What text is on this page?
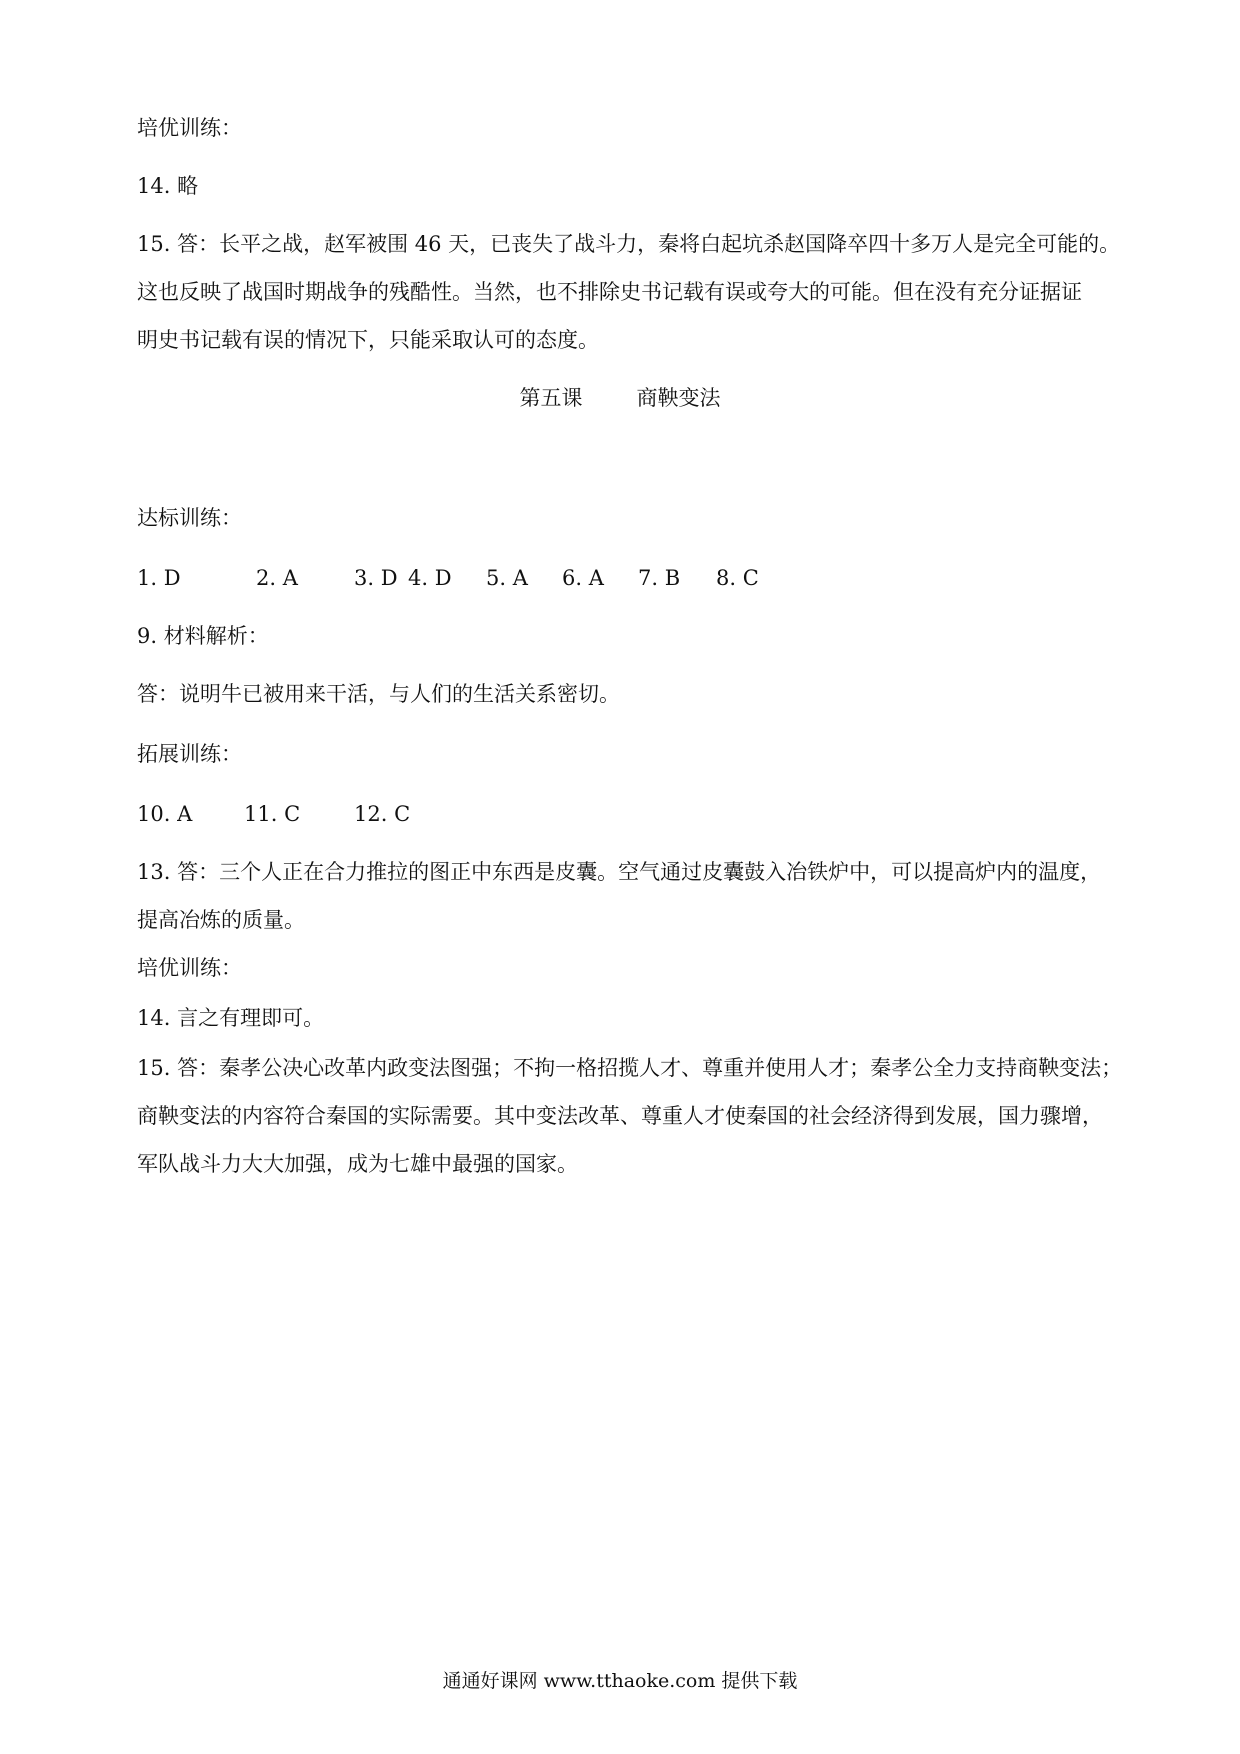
培优训练：
14. 略
15. 答：长平之战，赵军被围 46 天，已丧失了战斗力，秦将白起坑杀赵国降卒四十多万人是完全可能的。
这也反映了战国时期战争的残酷性。当然，也不排除史书记载有误或夸大的可能。但在没有充分证据证
明史书记载有误的情况下，只能采取认可的态度。
第五课	商鞅变法
达标训练：
1. D	2. A	3. D 4. D 5. A 6. A 7. B 8. C
9. 材料解析：
答：说明牛已被用来干活，与人们的生活关系密切。
拓展训练：
10. A 11. C	12. C
13. 答：三个人正在合力推拉的图正中东西是皮囊。空气通过皮囊鼓入冶铁炉中，可以提高炉内的温度，
提高冶炼的质量。
培优训练：
14. 言之有理即可。
15. 答：秦孝公决心改革内政变法图强；不拘一格招揽人才、尊重并使用人才；秦孝公全力支持商鞅变法；
商鞅变法的内容符合秦国的实际需要。其中变法改革、尊重人才使秦国的社会经济得到发展，国力骤增，
军队战斗力大大加强，成为七雄中最强的国家。
通通好课网 www.tthaoke.com 提供下载
